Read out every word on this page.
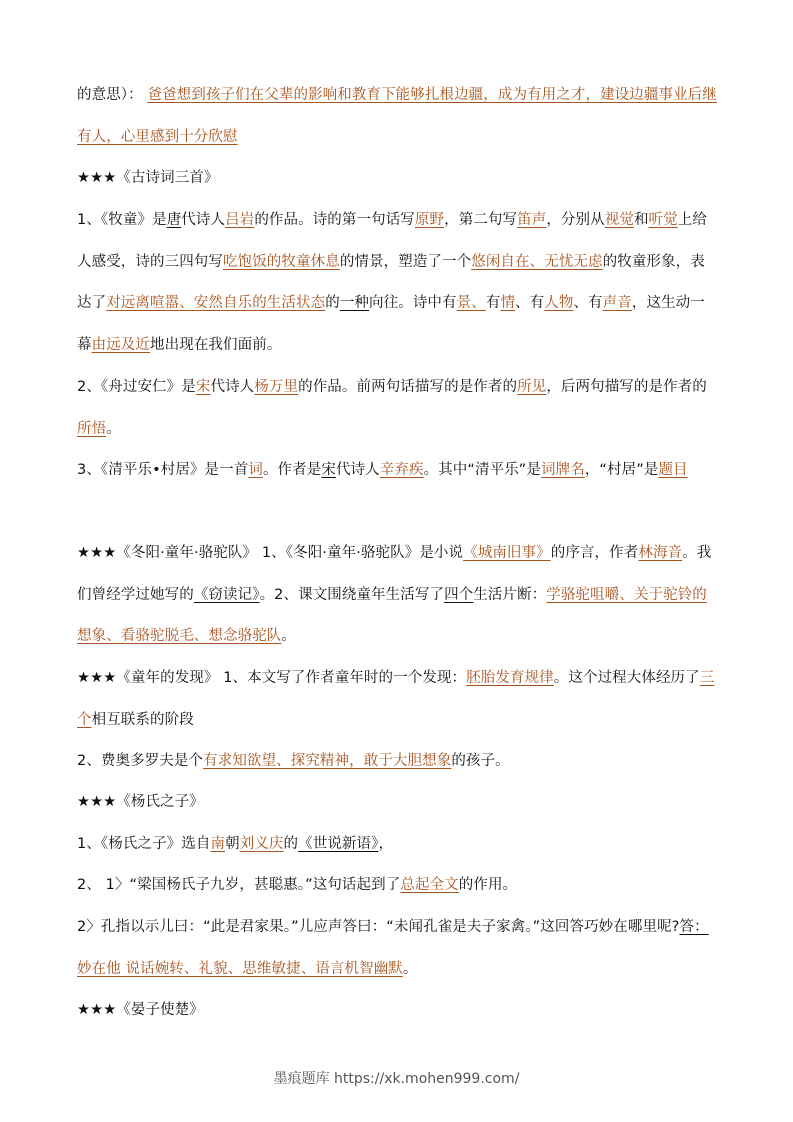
的意思）： 爸爸想到孩子们在父辈的影响和教育下能够扎根边疆，成为有用之才，建设边疆事业后继有人，心里感到十分欣慰

★★★《古诗词三首》

1、《牧童》是唐代诗人吕岩的作品。诗的第一句话写原野，第二句写笛声，分别从视觉和听觉上给人感受，诗的三四句写吃饱饭的牧童休息的情景，塑造了一个悠闲自在、无忧无虑的牧童形象，表达了对远离喧嚣、安然自乐的生活状态的一种向往。诗中有景、有情、有人物、有声音，这生动一幕由远及近地出现在我们面前。

2、《舟过安仁》是宋代诗人杨万里的作品。前两句话描写的是作者的所见，后两句描写的是作者的所悟。

3、《清平乐•村居》是一首词。作者是宋代诗人辛弃疾。其中“清平乐”是词牌名，“村居”是题目

★★★《冬阳·童年·骆驼队》 1、《冬阳·童年·骆驼队》是小说《城南旧事》的序言，作者林海音。我们曾经学过她写的《窃读记》。2、课文围绕童年生活写了四个生活片断：学骆驼咀嚼、关于驼铃的想象、看骆驼脱毛、想念骆驼队。

★★★《童年的发现》 1、本文写了作者童年时的一个发现：胚胎发育规律。这个过程大体经历了三个相互联系的阶段

2、费奥多罗夫是个有求知欲望、探究精神，敢于大胆想象的孩子。

★★★《杨氏之子》

1、《杨氏之子》选自南朝刘义庆的《世说新语》，

2、 1〉“梁国杨氏子九岁，甚聪惠。”这句话起到了总起全文的作用。

2〉孔指以示儿曰：“此是君家果。”儿应声答曰：“未闻孔雀是夫子家禽。”这回答巧妙在哪里呢?答： 妙在他 说话婉转、礼貌、思维敏捷、语言机智幽默。

★★★《晏子使楚》

墨痕题库 https://xk.mohen999.com/
